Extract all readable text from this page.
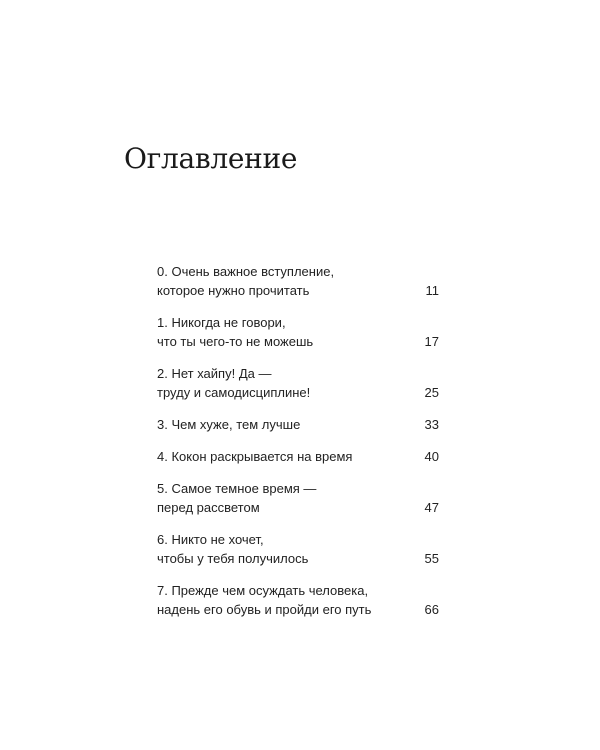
Оглавление
0. Очень важное вступление,
которое нужно прочитать	11
1. Никогда не говори,
что ты чего-то не можешь	17
2. Нет хайпу! Да —
труду и самодисциплине!	25
3. Чем хуже, тем лучше	33
4. Кокон раскрывается на время	40
5. Самое темное время —
перед рассветом	47
6. Никто не хочет,
чтобы у тебя получилось	55
7. Прежде чем осуждать человека,
надень его обувь и пройди его путь	66
